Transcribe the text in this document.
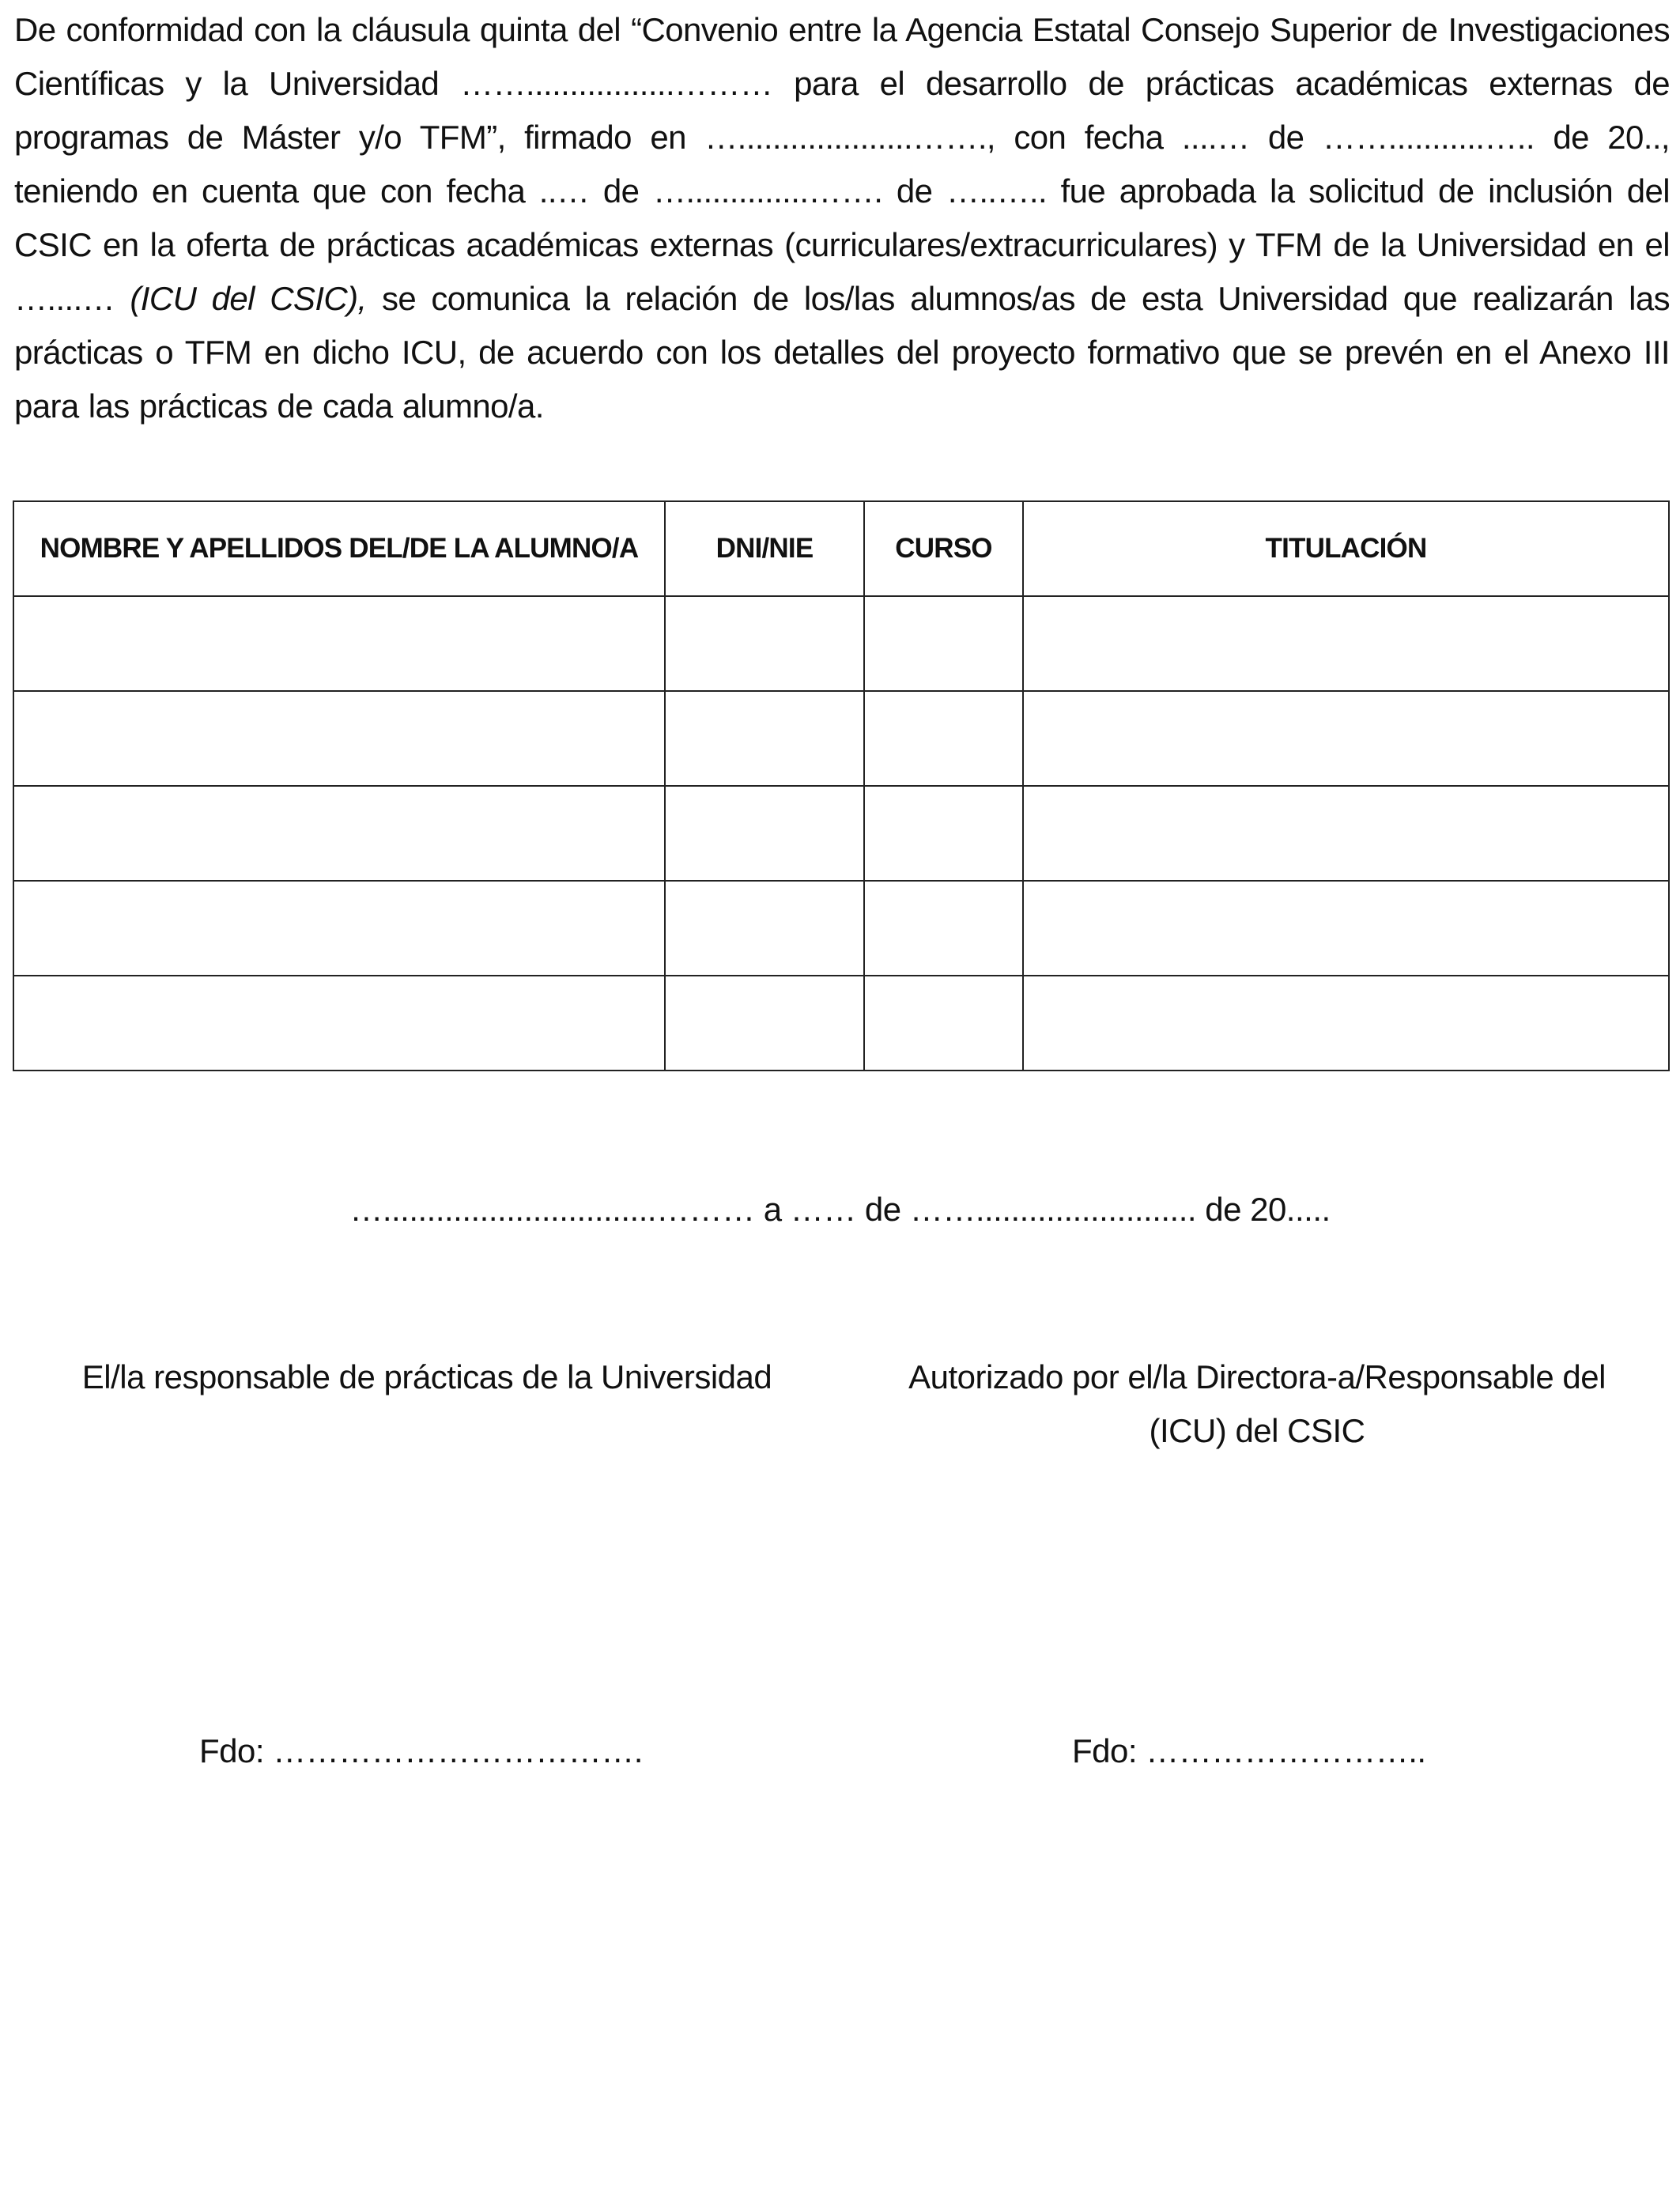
De conformidad con la cláusula quinta del “Convenio entre la Agencia Estatal Consejo Superior de Investigaciones Científicas y la Universidad …….................……… para el desarrollo de prácticas académicas externas de programas de Máster y/o TFM”, firmado en …....................……., con fecha ....… de ……...........….. de 20.., teniendo en cuenta que con fecha ..… de …..............……. de …..….. fue aprobada la solicitud de inclusión del CSIC en la oferta de prácticas académicas externas (curriculares/extracurriculares) y TFM de la Universidad en el …....… (ICU del CSIC), se comunica la relación de los/las alumnos/as de esta Universidad que realizarán las prácticas o TFM en dicho ICU, de acuerdo con los detalles del proyecto formativo que se prevén en el Anexo III para las prácticas de cada alumno/a.

NOMBRE Y APELLIDOS DEL/DE LA ALUMNO/A	DNI/NIE	CURSO	TITULACIÓN

…...............................……… a …… de ……......................... de 20.....
El/la responsable de prácticas de la Universidad	Autorizado por el/la Directora-a/Responsable del (ICU) del CSIC
Fdo: …………………………….	Fdo: ……………………..
